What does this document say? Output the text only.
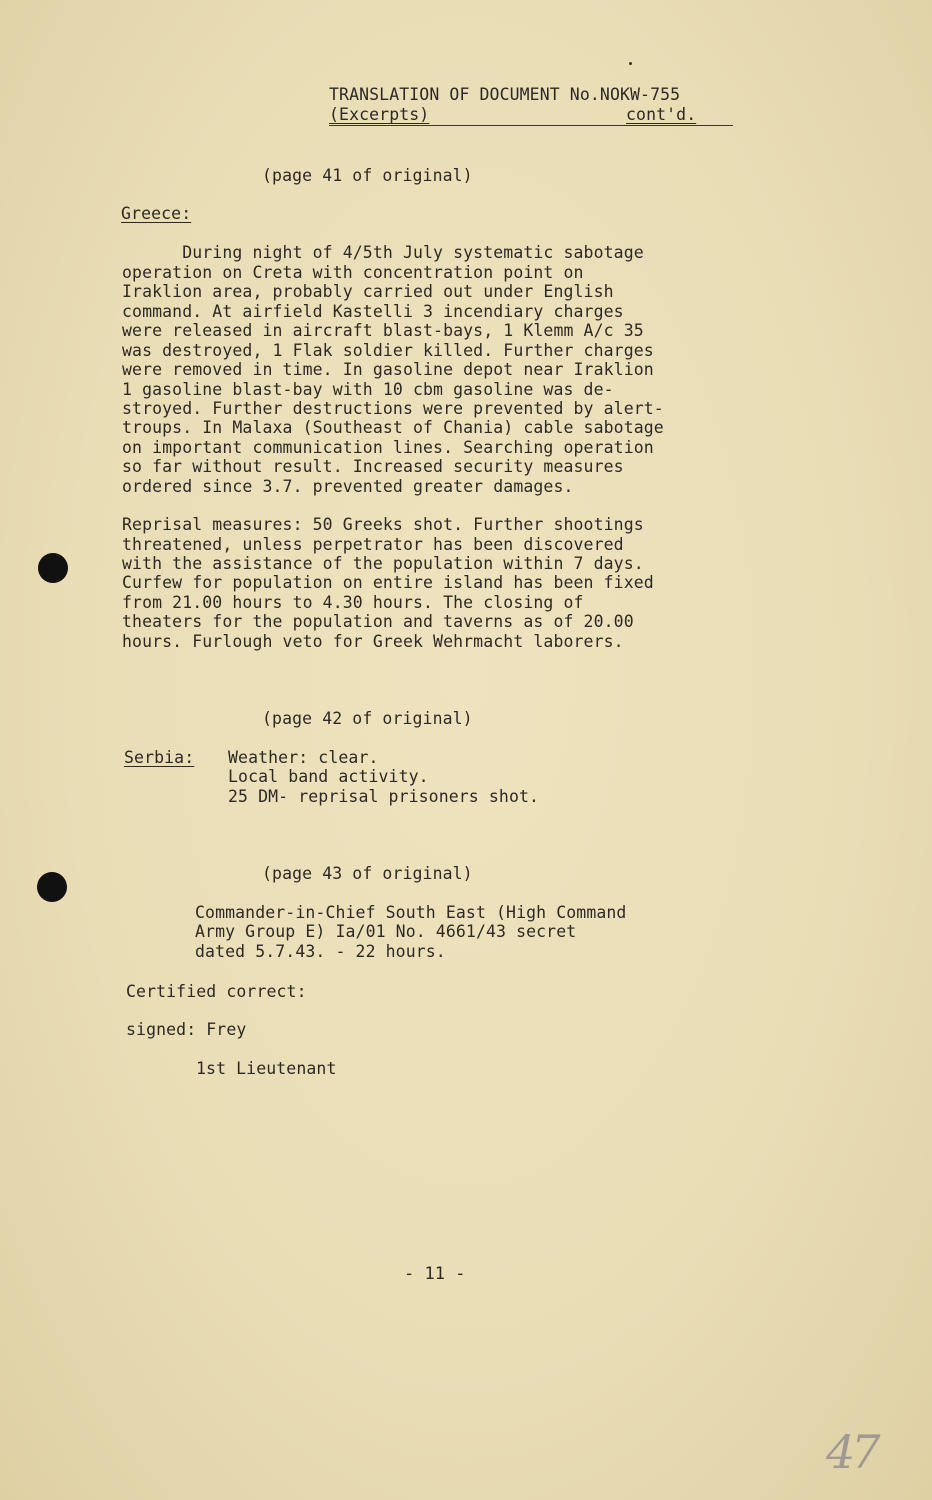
TRANSLATION OF DOCUMENT No.NOKW-755
(Excerpts)	cont'd.
(page 41 of original)
Greece:
During night of 4/5th July systematic sabotage
operation on Creta with concentration point on
Iraklion area, probably carried out under English
command. At airfield Kastelli 3 incendiary charges
were released in aircraft blast-bays, 1 Klemm A/c 35
was destroyed, 1 Flak soldier killed. Further charges
were removed in time. In gasoline depot near Iraklion
1 gasoline blast-bay with 10 cbm gasoline was de-
stroyed. Further destructions were prevented by alert-
troups. In Malaxa (Southeast of Chania) cable sabotage
on important communication lines. Searching operation
so far without result. Increased security measures
ordered since 3.7. prevented greater damages.
Reprisal measures: 50 Greeks shot. Further shootings
threatened, unless perpetrator has been discovered
with the assistance of the population within 7 days.
Curfew for population on entire island has been fixed
from 21.00 hours to 4.30 hours. The closing of
theaters for the population and taverns as of 20.00
hours. Furlough veto for Greek Wehrmacht laborers.
(page 42 of original)
Serbia: Weather: clear.
Local band activity.
25 DM- reprisal prisoners shot.
(page 43 of original)
Commander-in-Chief South East (High Command
Army Group E) Ia/01 No. 4661/43 secret
dated 5.7.43. - 22 hours.
Certified correct:
signed: Frey
1st Lieutenant
- 11 -
47
